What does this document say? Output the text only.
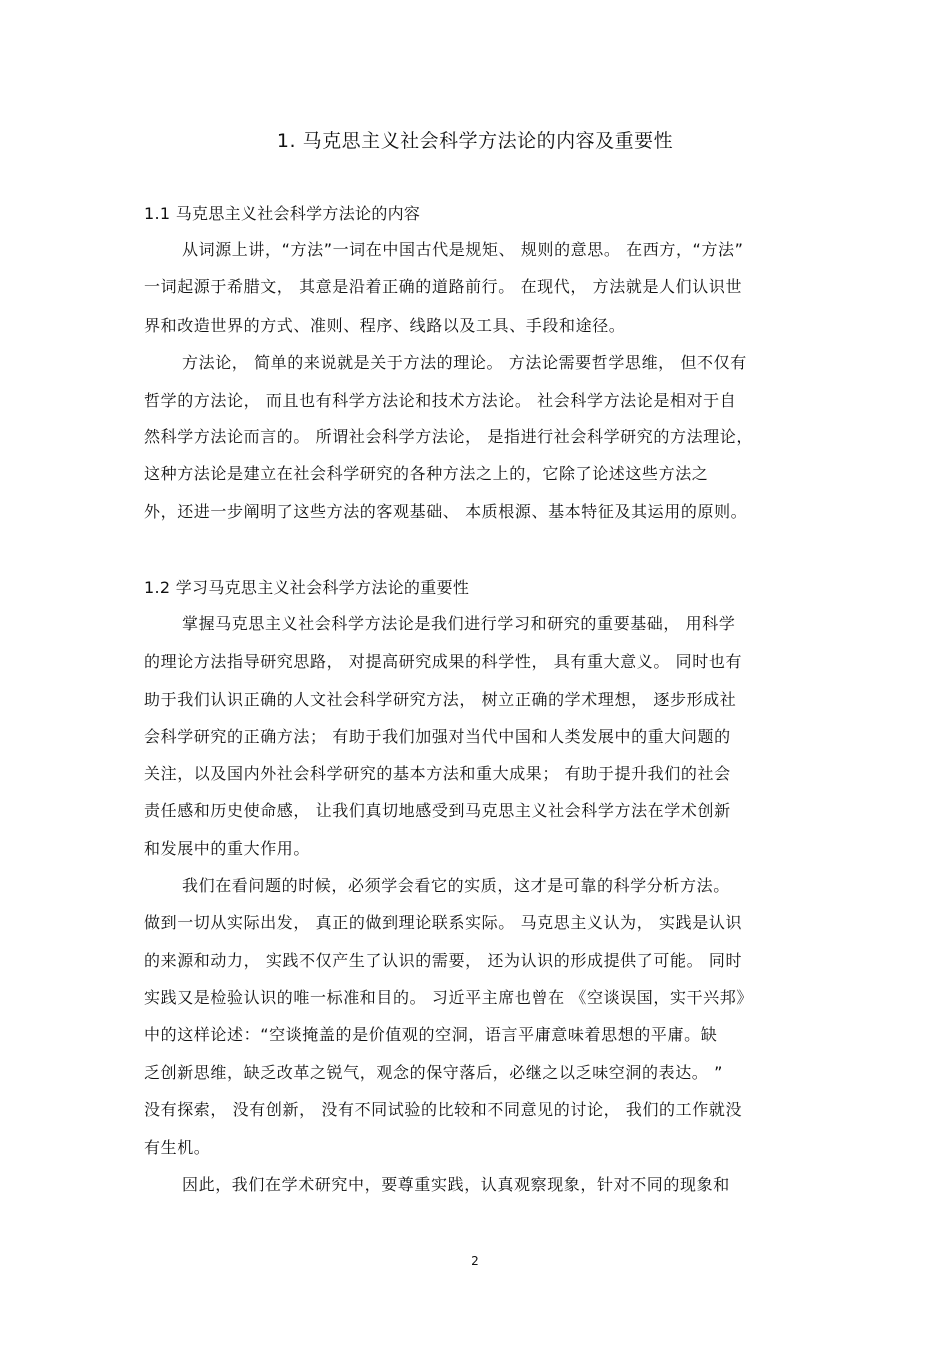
1. 马克思主义社会科学方法论的内容及重要性
1.1 马克思主义社会科学方法论的内容
从词源上讲，“方法”一词在中国古代是规矩、 规则的意思。 在西方，“方法”
一词起源于希腊文， 其意是沿着正确的道路前行。 在现代， 方法就是人们认识世
界和改造世界的方式、准则、程序、线路以及工具、手段和途径。
方法论， 简单的来说就是关于方法的理论。 方法论需要哲学思维， 但不仅有
哲学的方法论， 而且也有科学方法论和技术方法论。 社会科学方法论是相对于自
然科学方法论而言的。 所谓社会科学方法论， 是指进行社会科学研究的方法理论，
这种方法论是建立在社会科学研究的各种方法之上的，它除了论述这些方法之
外，还进一步阐明了这些方法的客观基础、 本质根源、基本特征及其运用的原则。
1.2 学习马克思主义社会科学方法论的重要性
掌握马克思主义社会科学方法论是我们进行学习和研究的重要基础， 用科学
的理论方法指导研究思路， 对提高研究成果的科学性， 具有重大意义。 同时也有
助于我们认识正确的人文社会科学研究方法， 树立正确的学术理想， 逐步形成社
会科学研究的正确方法； 有助于我们加强对当代中国和人类发展中的重大问题的
关注，以及国内外社会科学研究的基本方法和重大成果； 有助于提升我们的社会
责任感和历史使命感， 让我们真切地感受到马克思主义社会科学方法在学术创新
和发展中的重大作用。
我们在看问题的时候，必须学会看它的实质，这才是可靠的科学分析方法。
做到一切从实际出发， 真正的做到理论联系实际。 马克思主义认为， 实践是认识
的来源和动力， 实践不仅产生了认识的需要， 还为认识的形成提供了可能。 同时
实践又是检验认识的唯一标准和目的。 习近平主席也曾在 《空谈误国，实干兴邦》
中的这样论述：“空谈掩盖的是价值观的空洞，语言平庸意味着思想的平庸。缺
乏创新思维，缺乏改革之锐气，观念的保守落后，必继之以乏味空洞的表达。 ”
没有探索， 没有创新， 没有不同试验的比较和不同意见的讨论， 我们的工作就没
有生机。
因此，我们在学术研究中，要尊重实践，认真观察现象，针对不同的现象和
2
